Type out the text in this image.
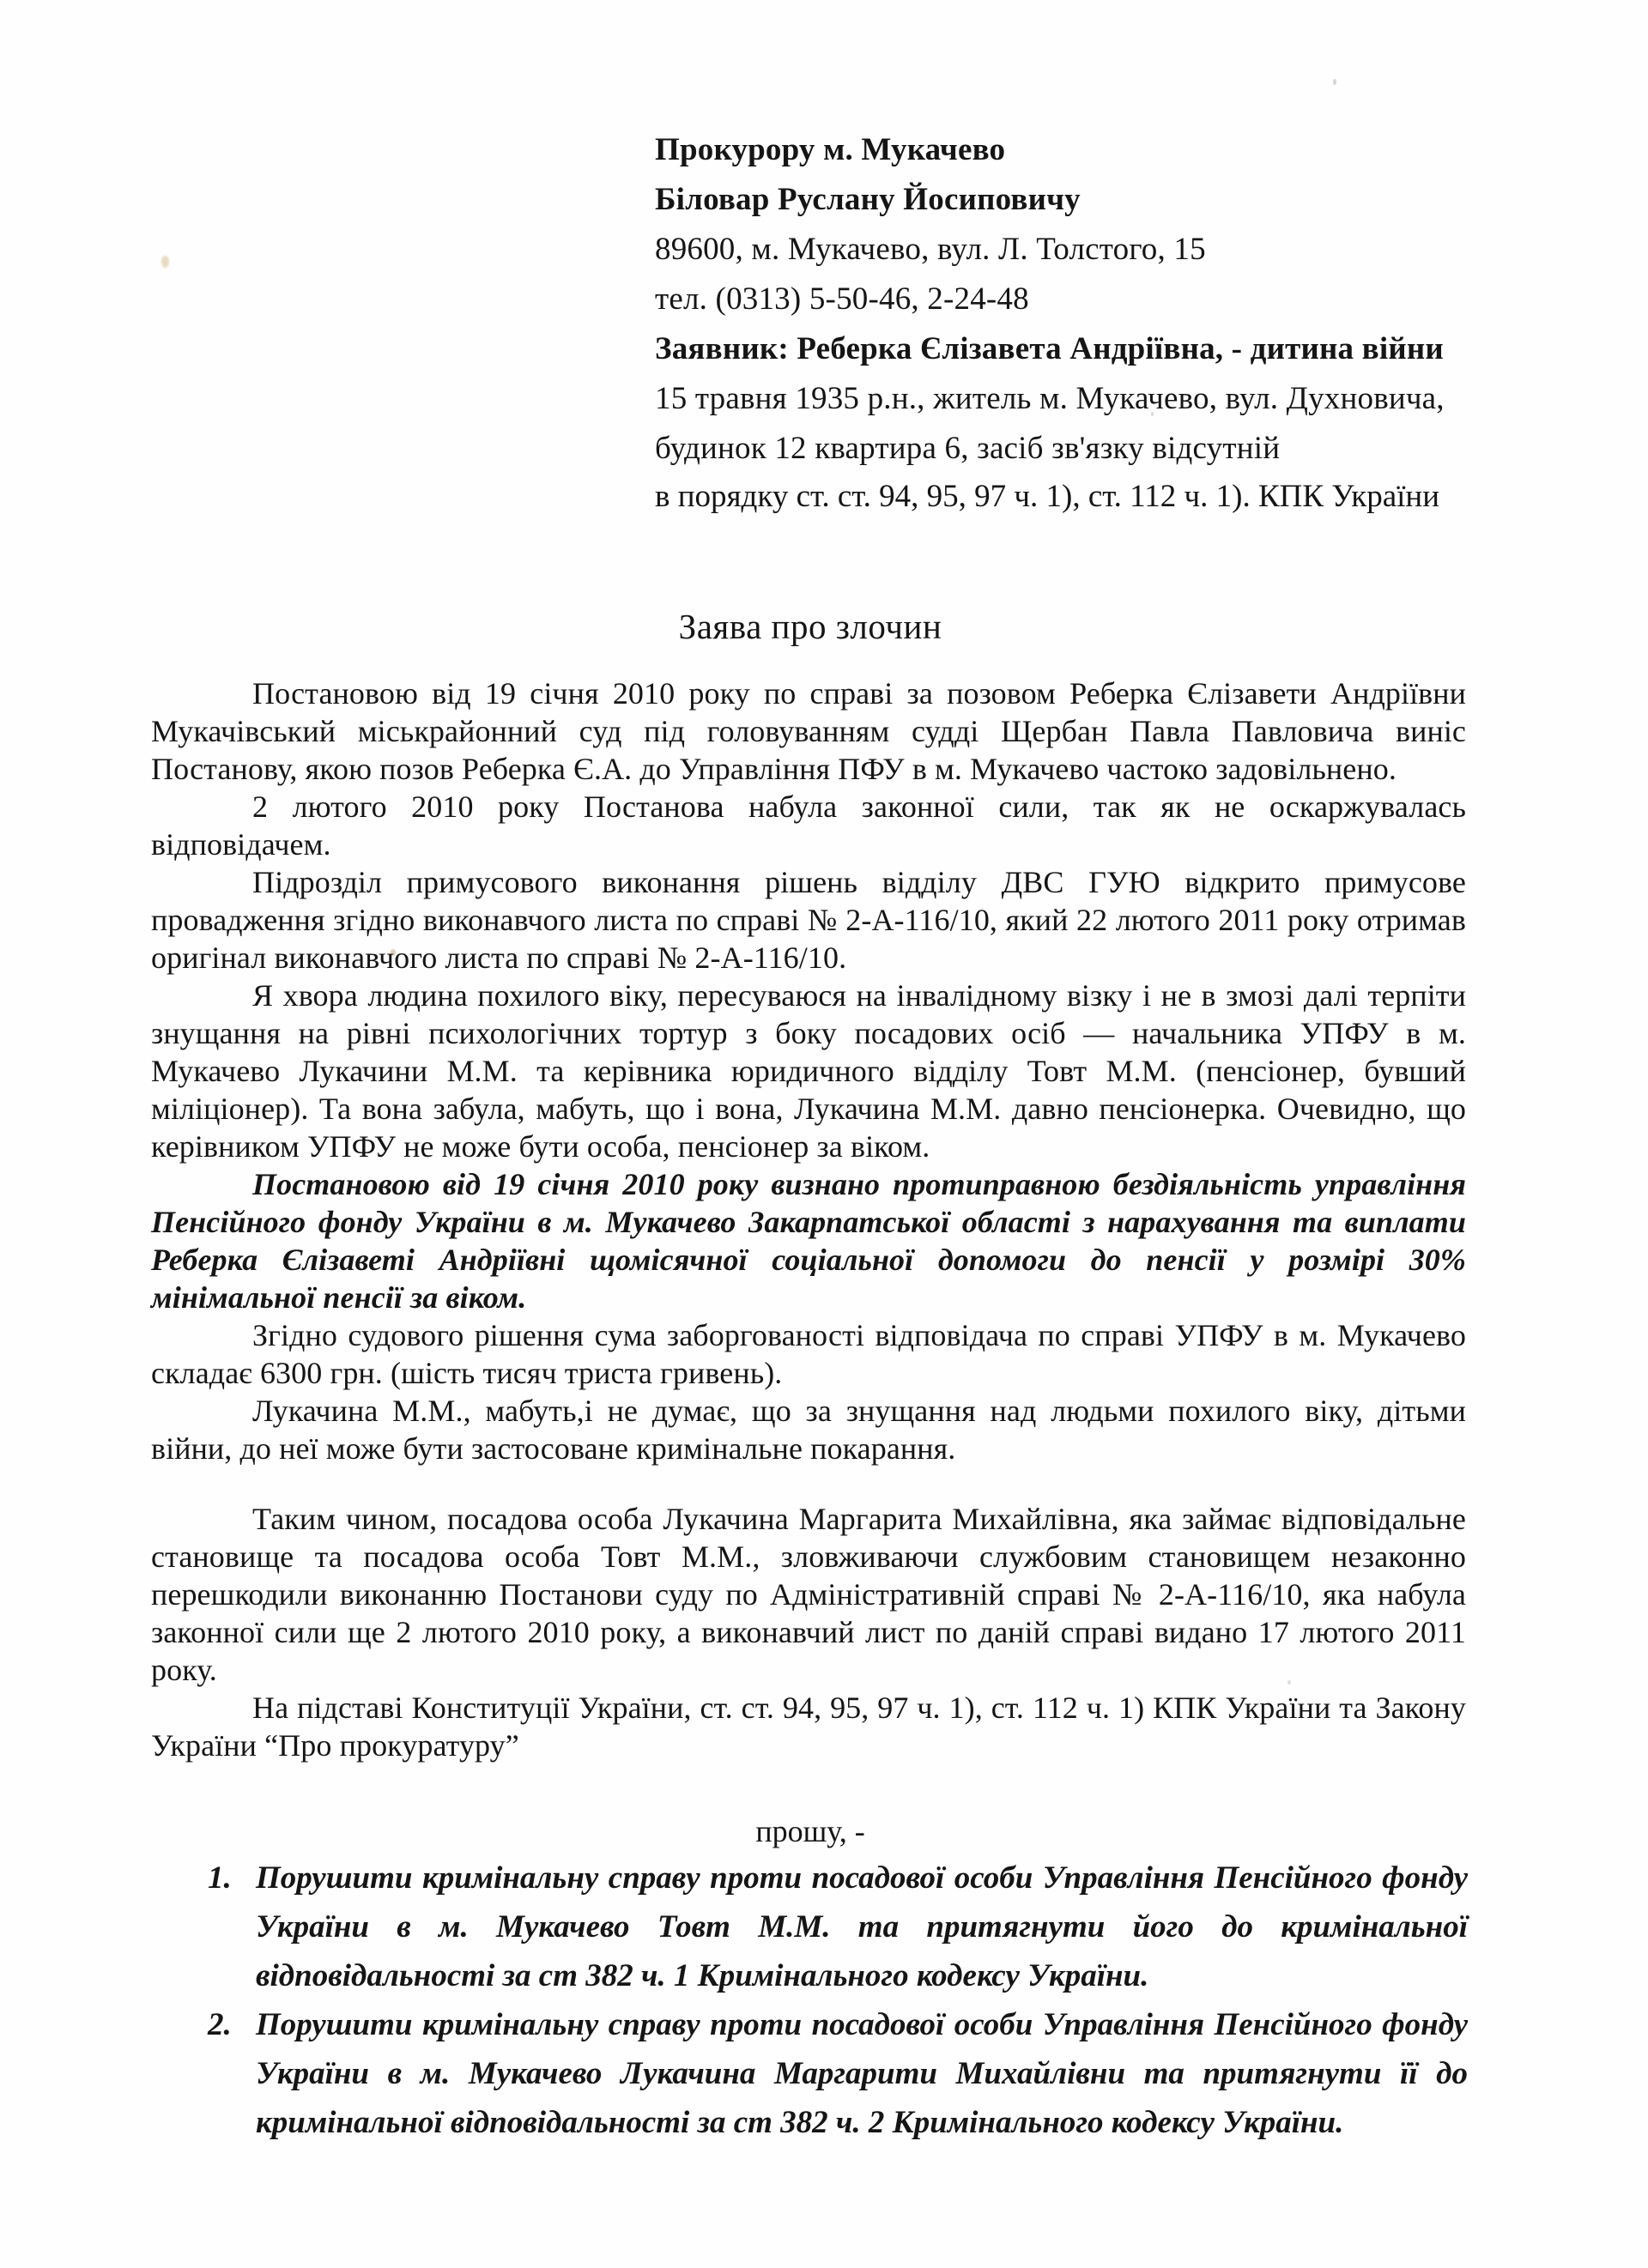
Прокурору м. Мукачево
Біловар Руслану Йосиповичу
89600, м. Мукачево, вул. Л. Толстого, 15
тел. (0313) 5-50-46, 2-24-48
Заявник: Реберка Єлізавета Андріївна, - дитина війни
15 травня 1935 р.н., житель м. Мукачево, вул. Духновича,
будинок 12 квартира 6, засіб зв'язку відсутній
в порядку ст. ст. 94, 95, 97 ч. 1), ст. 112 ч. 1). КПК України
Заява про злочин

Постановою від 19 січня 2010 року по справі за позовом Реберка Єлізавети Андріївни Мукачівський міськрайонний суд під головуванням судді Щербан Павла Павловича виніс Постанову, якою позов Реберка Є.А. до Управління ПФУ в м. Мукачево частоко задовільнено.

2 лютого 2010 року Постанова набула законної сили, так як не оскаржувалась відповідачем.

Підрозділ примусового виконання рішень відділу ДВС ГУЮ відкрито примусове провадження згідно виконавчого листа по справі № 2-А-116/10, який 22 лютого 2011 року отримав оригінал виконавчого листа по справі № 2-А-116/10.

Я хвора людина похилого віку, пересуваюся на інвалідному візку і не в змозі далі терпіти знущання на рівні психологічних тортур з боку посадових осіб — начальника УПФУ в м. Мукачево Лукачини М.М. та керівника юридичного відділу Товт М.М. (пенсіонер, бувший міліціонер). Та вона забула, мабуть, що і вона, Лукачина М.М. давно пенсіонерка. Очевидно, що керівником УПФУ не може бути особа, пенсіонер за віком.

Постановою від 19 січня 2010 року визнано протиправною бездіяльність управління Пенсійного фонду України в м. Мукачево Закарпатської області з нарахування та виплати Реберка Єлізаветі Андріївні щомісячної соціальної допомоги до пенсії у розмірі 30% мінімальної пенсії за віком.

Згідно судового рішення сума заборгованості відповідача по справі УПФУ в м. Мукачево складає 6300 грн. (шість тисяч триста гривень).

Лукачина М.М., мабуть,і не думає, що за знущання над людьми похилого віку, дітьми війни, до неї може бути застосоване кримінальне покарання.

Таким чином, посадова особа Лукачина Маргарита Михайлівна, яка займає відповідальне становище та посадова особа Товт М.М., зловживаючи службовим становищем незаконно перешкодили виконанню Постанови суду по Адміністративній справі № 2-А-116/10, яка набула законної сили ще 2 лютого 2010 року, а виконавчий лист по даній справі видано 17 лютого 2011 року.

На підставі Конституції України, ст. ст. 94, 95, 97 ч. 1), ст. 112 ч. 1) КПК України та Закону України “Про прокуратуру”

прошу, -
1. Порушити кримінальну справу проти посадової особи Управління Пенсійного фонду України в м. Мукачево Товт М.М. та притягнути його до кримінальної відповідальності за ст 382 ч. 1 Кримінального кодексу України.
2. Порушити кримінальну справу проти посадової особи Управління Пенсійного фонду України в м. Мукачево Лукачина Маргарити Михайлівни та притягнути її до кримінальної відповідальності за ст 382 ч. 2 Кримінального кодексу України.
